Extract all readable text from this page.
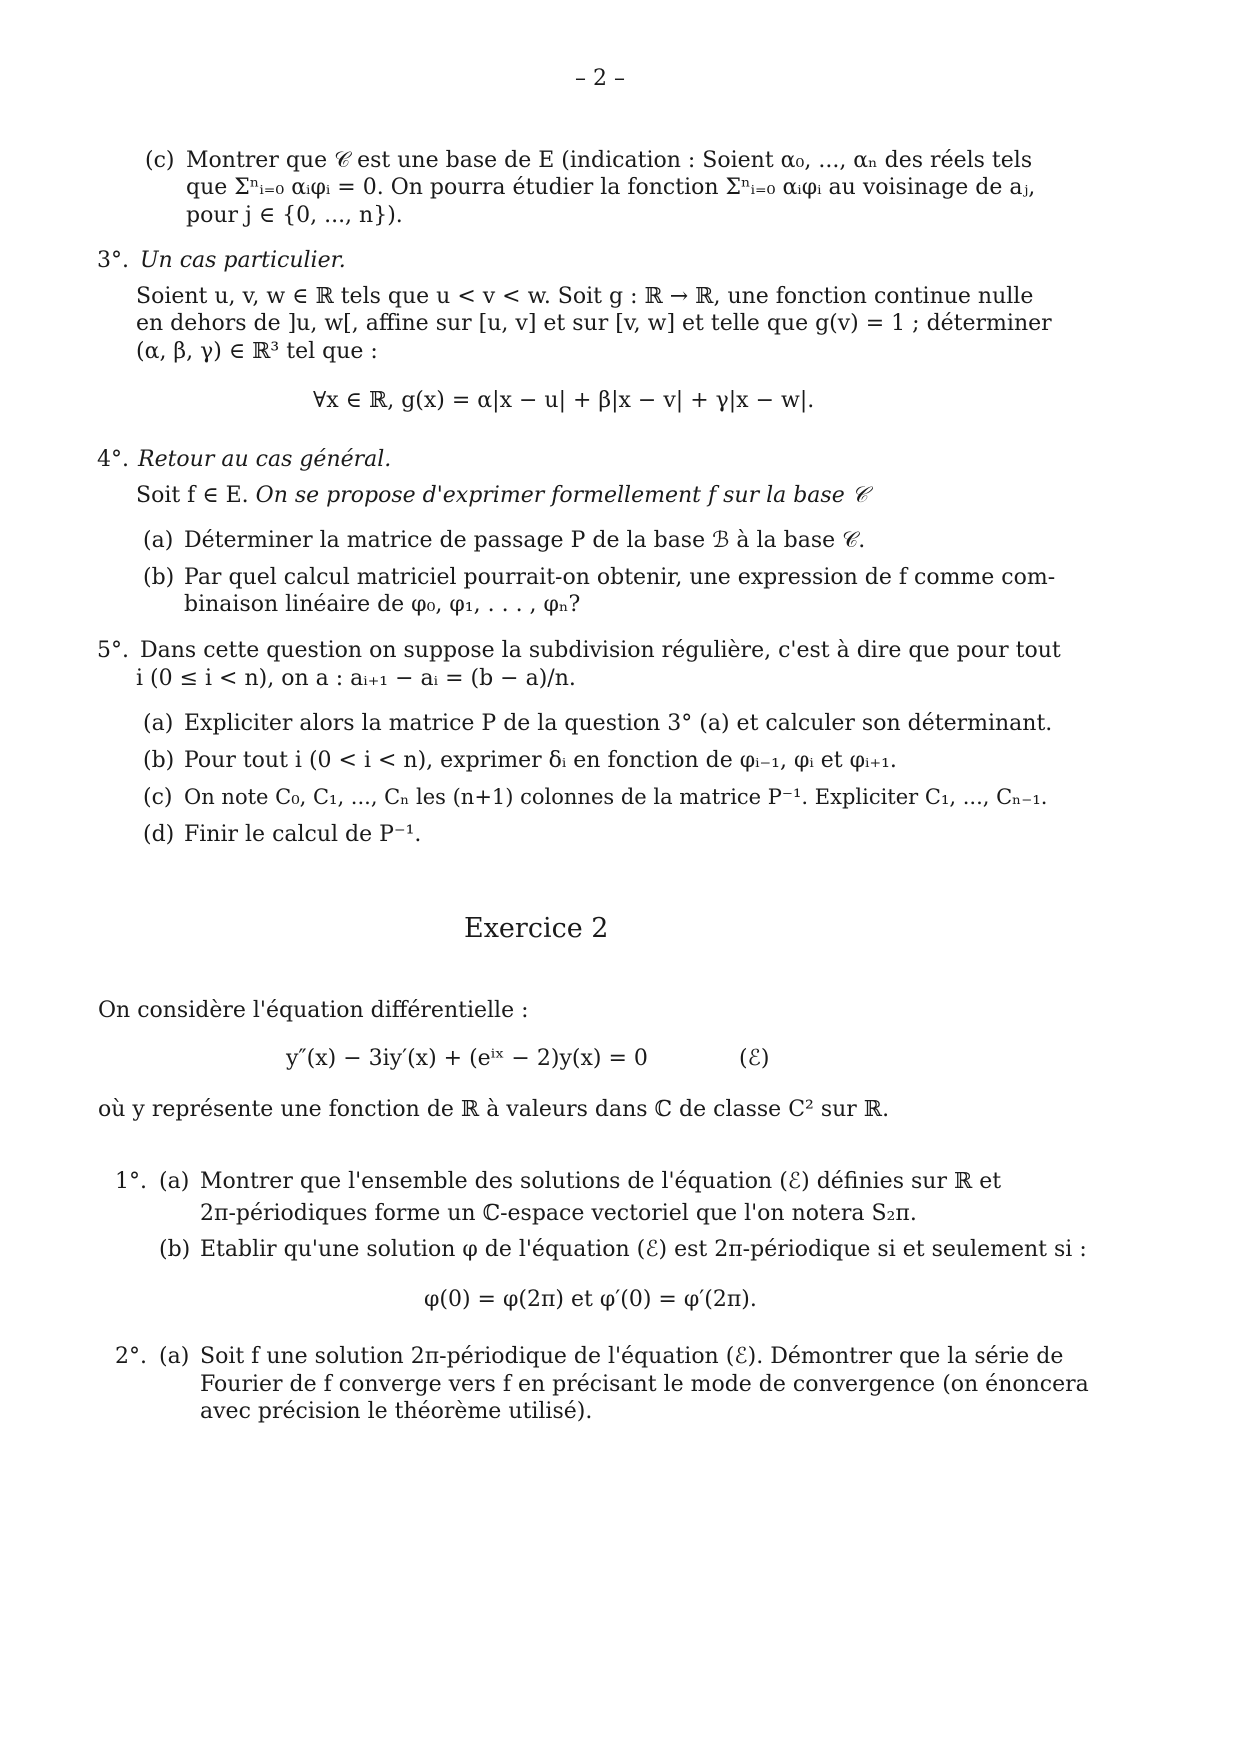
– 2 –
(c) Montrer que 𝒞 est une base de E (indication : Soient α₀, ..., αₙ des réels tels
que Σⁿᵢ₌₀ αᵢφᵢ = 0. On pourra étudier la fonction Σⁿᵢ₌₀ αᵢφᵢ au voisinage de aⱼ,
pour j ∈ {0, ..., n}).
3°. Un cas particulier.
Soient u, v, w ∈ ℝ tels que u < v < w. Soit g : ℝ → ℝ, une fonction continue nulle
en dehors de ]u, w[, affine sur [u, v] et sur [v, w] et telle que g(v) = 1 ; déterminer
(α, β, γ) ∈ ℝ³ tel que :
∀x ∈ ℝ, g(x) = α|x − u| + β|x − v| + γ|x − w|.
4°. Retour au cas général.
Soit f ∈ E. On se propose d'exprimer formellement f sur la base 𝒞
(a) Déterminer la matrice de passage P de la base ℬ à la base 𝒞.
(b) Par quel calcul matriciel pourrait-on obtenir, une expression de f comme com-
binaison linéaire de φ₀, φ₁, . . . , φₙ?
5°. Dans cette question on suppose la subdivision régulière, c'est à dire que pour tout
i (0 ≤ i < n), on a : aᵢ₊₁ − aᵢ = (b − a)/n.
(a) Expliciter alors la matrice P de la question 3° (a) et calculer son déterminant.
(b) Pour tout i (0 < i < n), exprimer δᵢ en fonction de φᵢ₋₁, φᵢ et φᵢ₊₁.
(c) On note C₀, C₁, ..., Cₙ les (n+1) colonnes de la matrice P⁻¹. Expliciter C₁, ..., Cₙ₋₁.
(d) Finir le calcul de P⁻¹.
Exercice 2
On considère l'équation différentielle :
y″(x) − 3iy′(x) + (eⁱˣ − 2)y(x) = 0	(ℰ)
où y représente une fonction de ℝ à valeurs dans ℂ de classe C² sur ℝ.
1°. (a) Montrer que l'ensemble des solutions de l'équation (ℰ) définies sur ℝ et
2π-périodiques forme un ℂ-espace vectoriel que l'on notera S₂π.
(b) Etablir qu'une solution φ de l'équation (ℰ) est 2π-périodique si et seulement si :
φ(0) = φ(2π) et φ′(0) = φ′(2π).
2°. (a) Soit f une solution 2π-périodique de l'équation (ℰ). Démontrer que la série de
Fourier de f converge vers f en précisant le mode de convergence (on énoncera
avec précision le théorème utilisé).
